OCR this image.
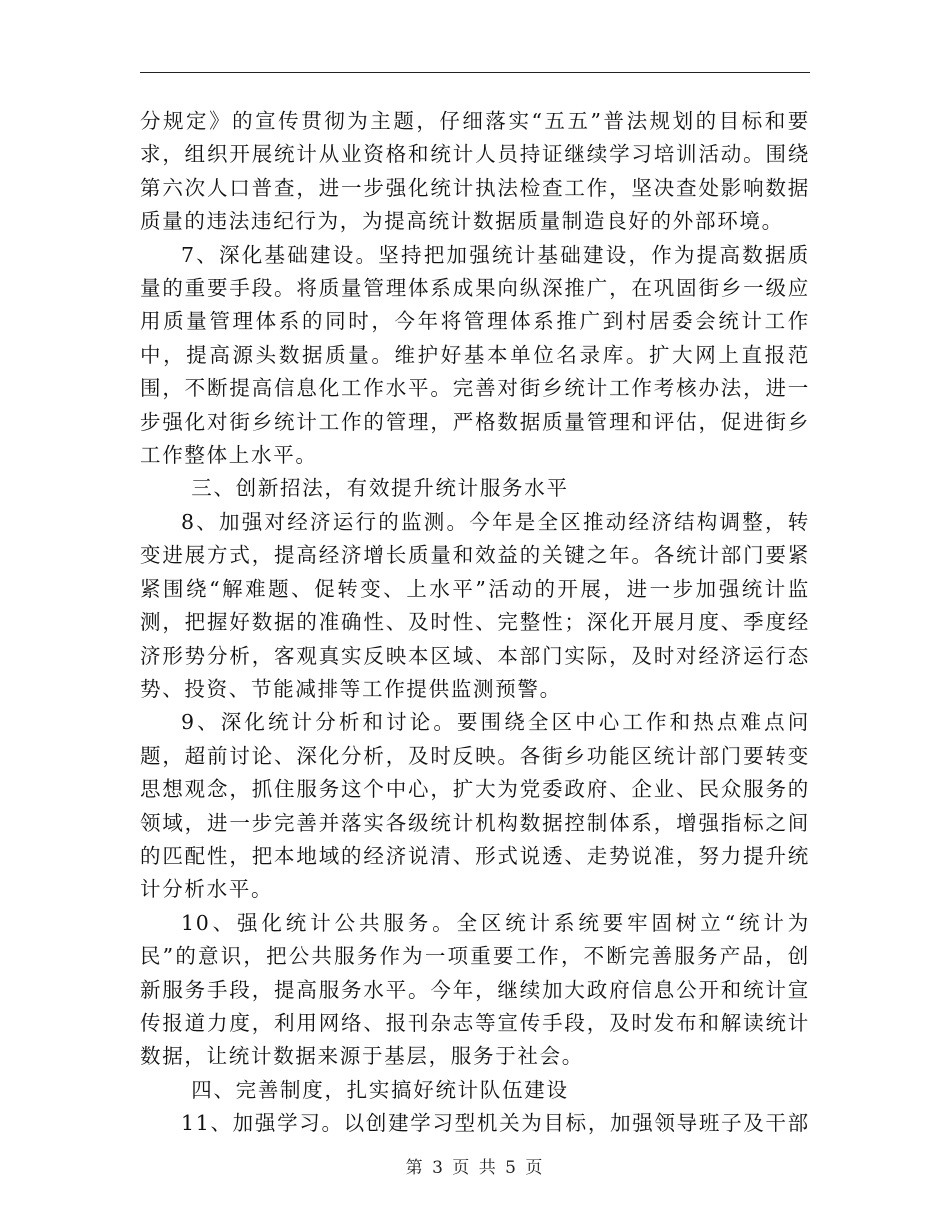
分规定》的宣传贯彻为主题，仔细落实“五五”普法规划的目标和要求，组织开展统计从业资格和统计人员持证继续学习培训活动。围绕第六次人口普查，进一步强化统计执法检查工作，坚决查处影响数据质量的违法违纪行为，为提高统计数据质量制造良好的外部环境。

7、深化基础建设。坚持把加强统计基础建设，作为提高数据质量的重要手段。将质量管理体系成果向纵深推广，在巩固街乡一级应用质量管理体系的同时，今年将管理体系推广到村居委会统计工作中，提高源头数据质量。维护好基本单位名录库。扩大网上直报范围，不断提高信息化工作水平。完善对街乡统计工作考核办法，进一步强化对街乡统计工作的管理，严格数据质量管理和评估，促进街乡工作整体上水平。

三、创新招法，有效提升统计服务水平

8、加强对经济运行的监测。今年是全区推动经济结构调整，转变进展方式，提高经济增长质量和效益的关键之年。各统计部门要紧紧围绕“解难题、促转变、上水平”活动的开展，进一步加强统计监测，把握好数据的准确性、及时性、完整性；深化开展月度、季度经济形势分析，客观真实反映本区域、本部门实际，及时对经济运行态势、投资、节能减排等工作提供监测预警。

9、深化统计分析和讨论。要围绕全区中心工作和热点难点问题，超前讨论、深化分析，及时反映。各街乡功能区统计部门要转变思想观念，抓住服务这个中心，扩大为党委政府、企业、民众服务的领域，进一步完善并落实各级统计机构数据控制体系，增强指标之间的匹配性，把本地域的经济说清、形式说透、走势说准，努力提升统计分析水平。

10、强化统计公共服务。全区统计系统要牢固树立“统计为民”的意识，把公共服务作为一项重要工作，不断完善服务产品，创新服务手段，提高服务水平。今年，继续加大政府信息公开和统计宣传报道力度，利用网络、报刊杂志等宣传手段，及时发布和解读统计数据，让统计数据来源于基层，服务于社会。

四、完善制度，扎实搞好统计队伍建设

11、加强学习。以创建学习型机关为目标，加强领导班子及干部

第 3 页 共 5 页
